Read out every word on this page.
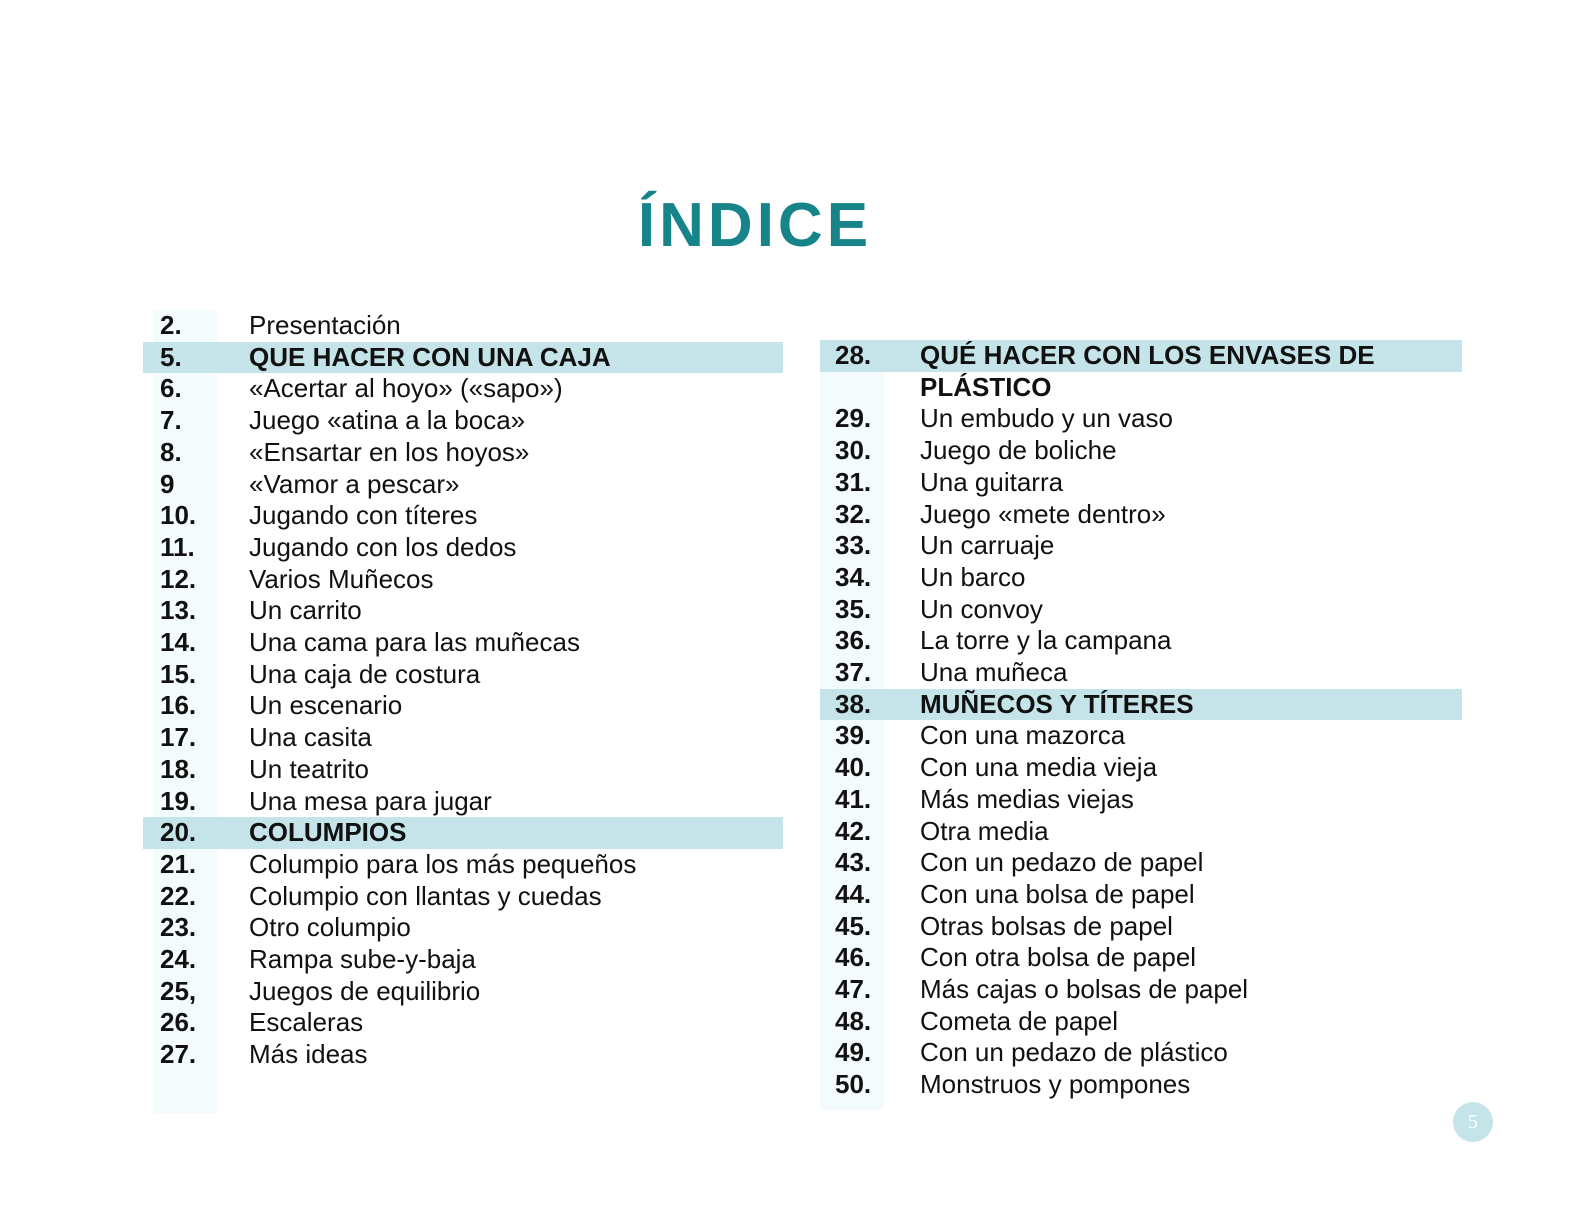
ÍNDICE
2.	Presentación
5.	QUE HACER CON UNA CAJA
6.	«Acertar al hoyo» («sapo»)
7.	Juego «atina a la boca»
8.	«Ensartar en los hoyos»
9	«Vamor a pescar»
10.	Jugando con títeres
11.	Jugando con los dedos
12.	Varios Muñecos
13.	Un carrito
14.	Una cama para las muñecas
15.	Una caja de costura
16.	Un escenario
17.	Una casita
18.	Un teatrito
19.	Una mesa para jugar
20.	COLUMPIOS
21.	Columpio para los más pequeños
22.	Columpio con llantas y cuedas
23.	Otro columpio
24.	Rampa sube-y-baja
25,	Juegos de equilibrio
26.	Escaleras
27.	Más ideas
28.	QUÉ HACER CON LOS ENVASES DE
PLÁSTICO
29.	Un embudo y un vaso
30.	Juego de boliche
31.	Una guitarra
32.	Juego «mete dentro»
33.	Un carruaje
34.	Un barco
35.	Un convoy
36.	La torre y la campana
37.	Una muñeca
38.	MUÑECOS Y TÍTERES
39.	Con una mazorca
40.	Con una media vieja
41.	Más medias viejas
42.	Otra media
43.	Con un pedazo de papel
44.	Con una bolsa de papel
45.	Otras bolsas de papel
46.	Con otra bolsa de papel
47.	Más cajas o bolsas de papel
48.	Cometa de papel
49.	Con un pedazo de plástico
50.	Monstruos y pompones
5
